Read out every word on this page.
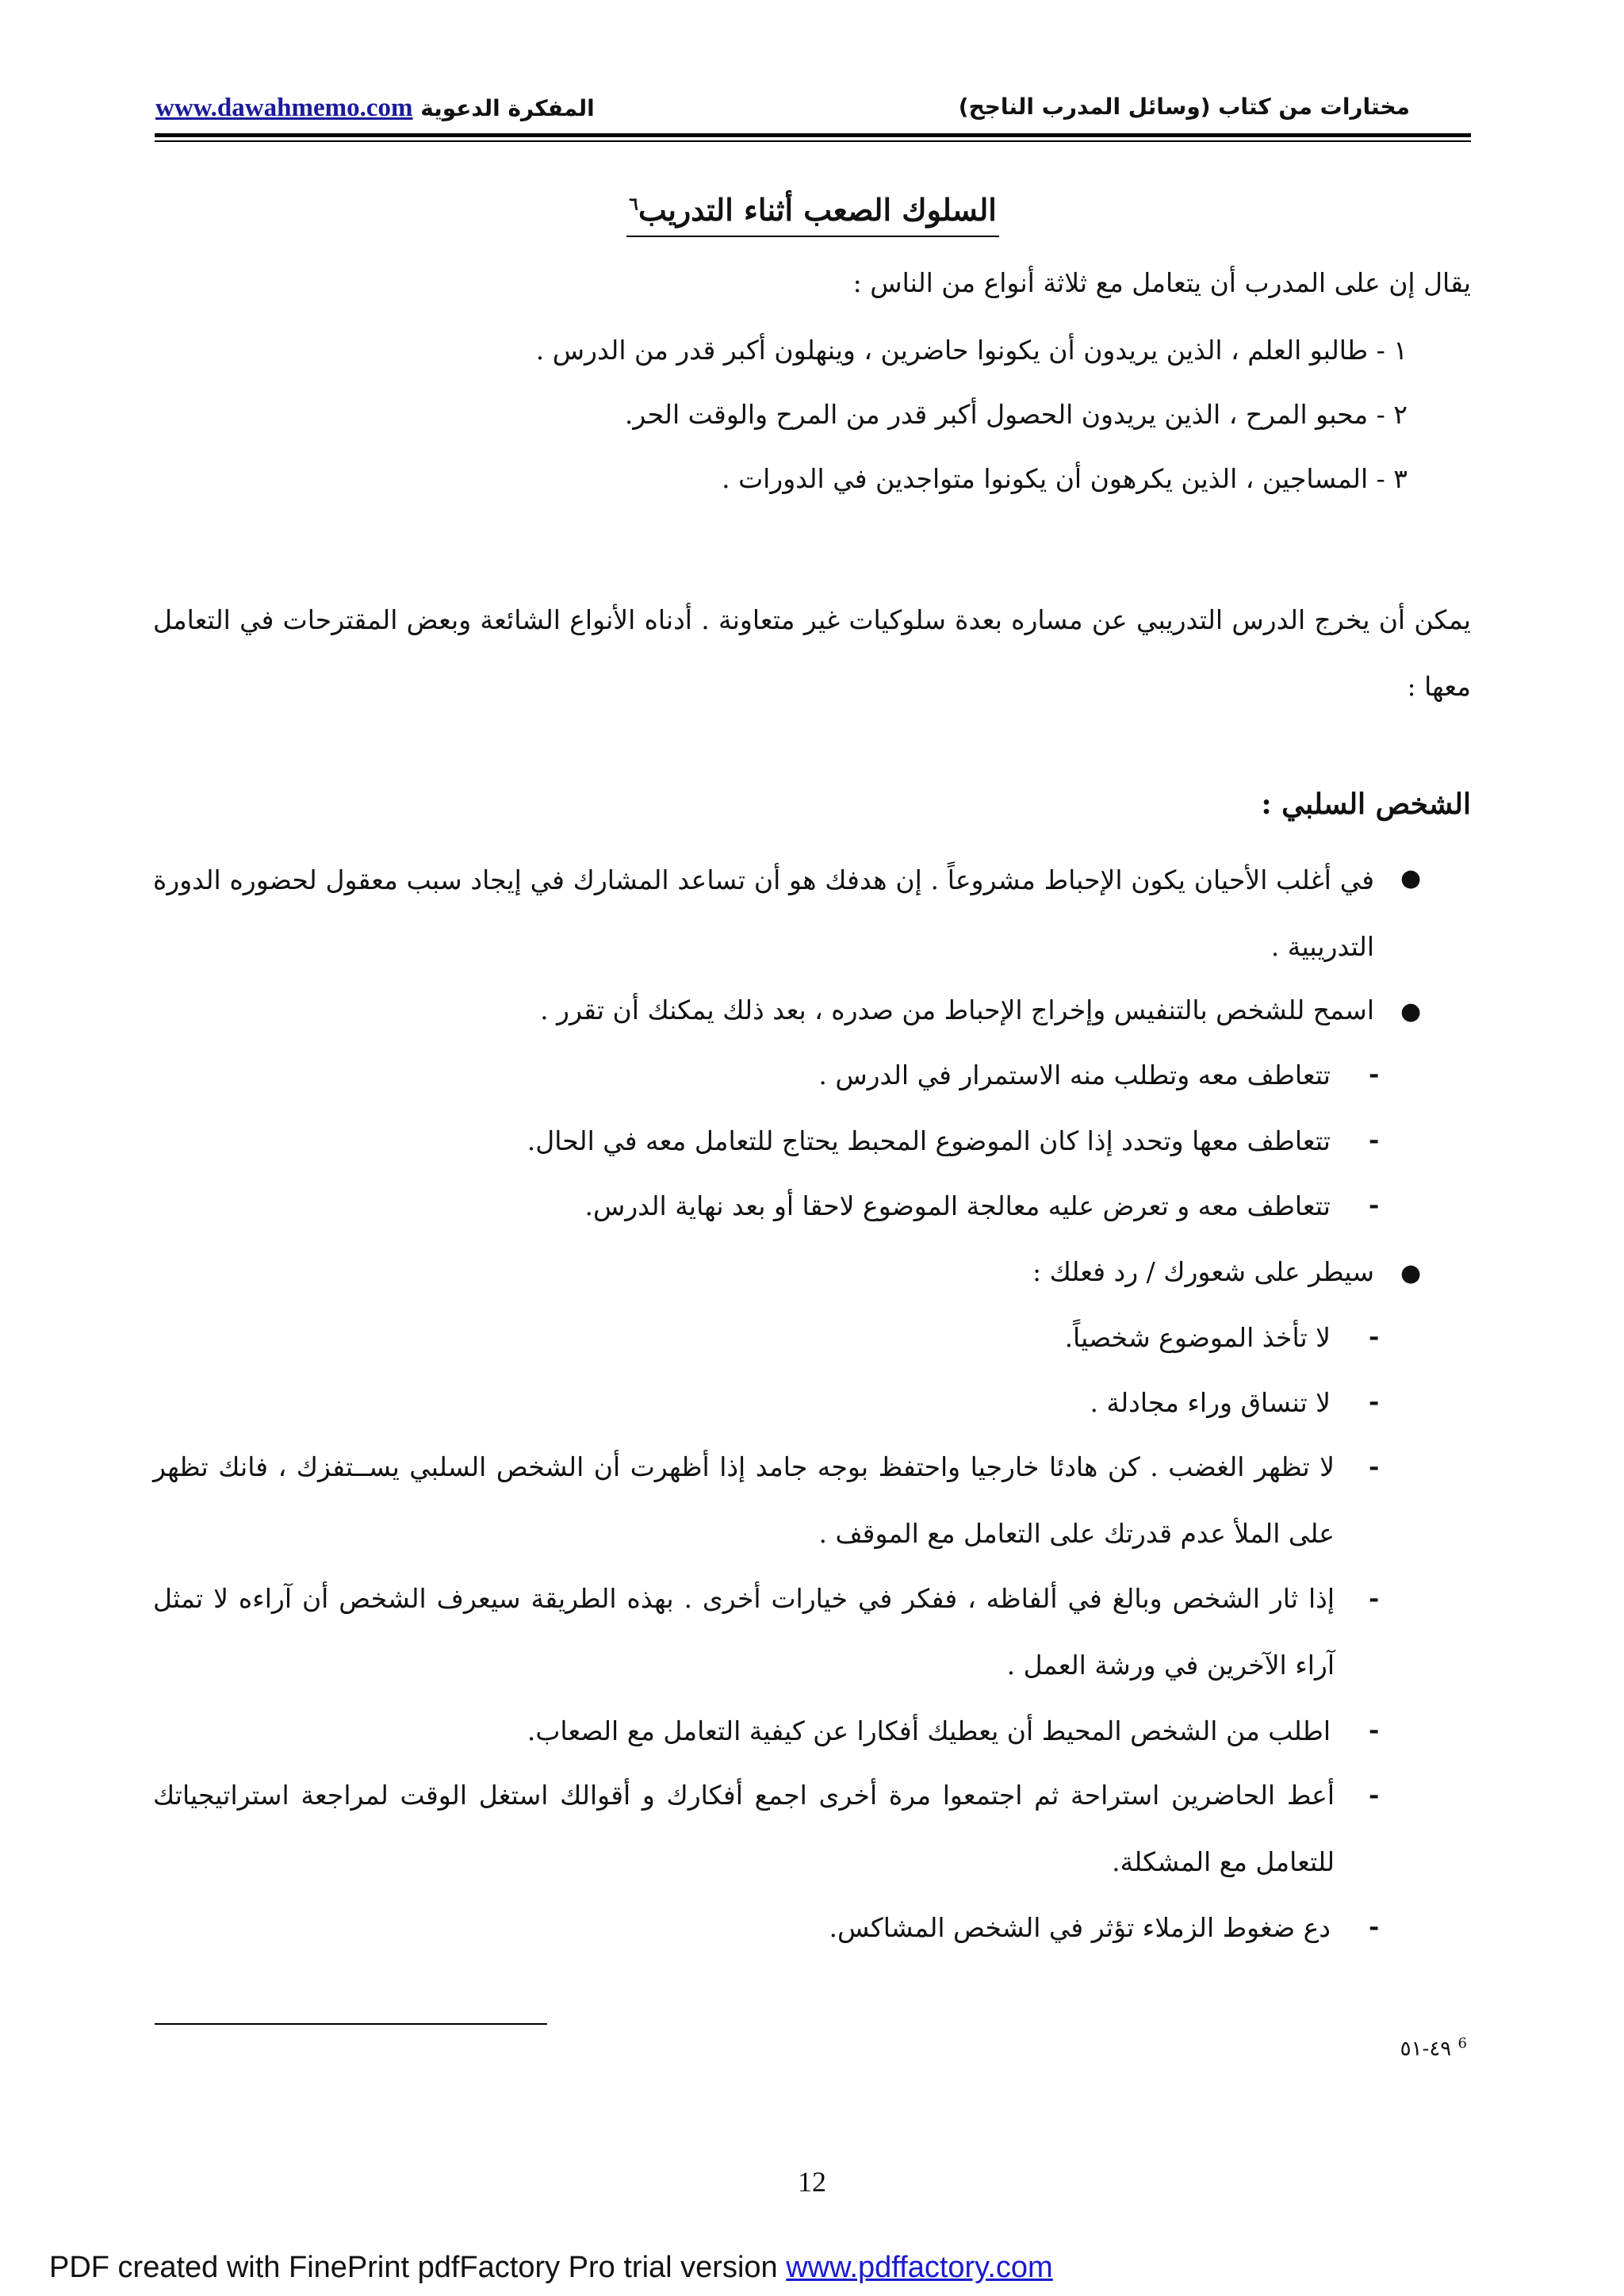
مختارات من كتاب (وسائل المدرب الناجح)
www.dawahmemo.com المفكرة الدعوية
السلوك الصعب أثناء التدريب$^٦$
يقال إن على المدرب أن يتعامل مع ثلاثة أنواع من الناس :
١ - طالبو العلم ، الذين يريدون أن يكونوا حاضرين ، وينهلون أكبر قدر من الدرس .
٢ - محبو المرح ، الذين يريدون الحصول أكبر قدر من المرح والوقت الحر.
٣ - المساجين ، الذين يكرهون أن يكونوا متواجدين في الدورات .
يمكن أن يخرج الدرس التدريبي عن مساره بعدة سلوكيات غير متعاونة . أدناه الأنواع الشائعة وبعض المقترحات في التعامل معها :
الشخص السلبي :
●
في أغلب الأحيان يكون الإحباط مشروعاً . إن هدفك هو أن تساعد المشارك في إيجاد سبب معقول لحضوره الدورة التدريبية .
●
اسمح للشخص بالتنفيس وإخراج الإحباط من صدره ، بعد ذلك يمكنك أن تقرر .
-
تتعاطف معه وتطلب منه الاستمرار في الدرس .
-
تتعاطف معها وتحدد إذا كان الموضوع المحبط يحتاج للتعامل معه في الحال.
-
تتعاطف معه و تعرض عليه معالجة الموضوع لاحقا أو بعد نهاية الدرس.
●
سيطر على شعورك / رد فعلك :
-
لا تأخذ الموضوع شخصياً.
-
لا تنساق وراء مجادلة .
-
لا تظهر الغضب . كن هادئا خارجيا واحتفظ بوجه جامد إذا أظهرت أن الشخص السلبي يســتفزك ، فانك تظهر على الملأ عدم قدرتك على التعامل مع الموقف .
-
إذا ثار الشخص وبالغ في ألفاظه ، ففكر في خيارات أخرى . بهذه الطريقة سيعرف الشخص أن آراءه لا تمثل آراء الآخرين في ورشة العمل .
-
اطلب من الشخص المحيط أن يعطيك أفكارا عن كيفية التعامل مع الصعاب.
-
أعط الحاضرين استراحة ثم اجتمعوا مرة أخرى اجمع أفكارك و أقوالك استغل الوقت لمراجعة استراتيجياتك للتعامل مع المشكلة.
-
دع ضغوط الزملاء تؤثر في الشخص المشاكس.
$^6$ ٤٩-٥١
12
PDF created with FinePrint pdfFactory Pro trial version www.pdffactory.com
